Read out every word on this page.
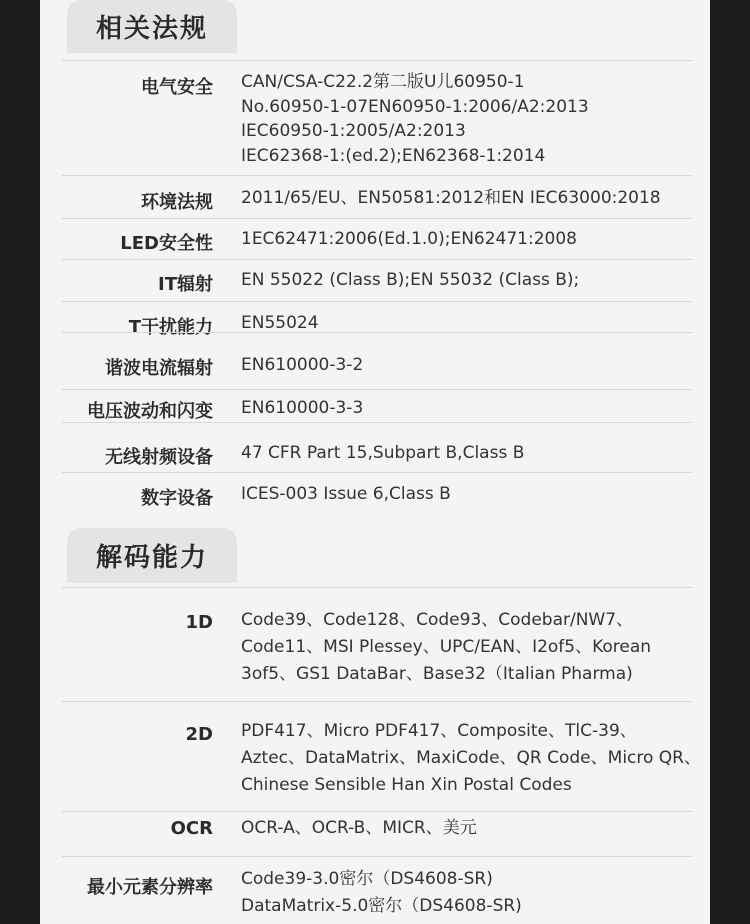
相关法规
电气安全 CAN/CSA-C22.2第二版U儿60950-1
No.60950-1-07EN60950-1:2006/A2:2013
IEC60950-1:2005/A2:2013
IEC62368-1:(ed.2);EN62368-1:2014
环境法规 2011/65/EU、EN50581:2012和EN IEC63000:2018
LED安全性 1EC62471:2006(Ed.1.0);EN62471:2008
IT辐射 EN 55022 (Class B);EN 55032 (Class B);
T干扰能力 EN55024
谐波电流辐射 EN610000-3-2
电压波动和闪变 EN610000-3-3
无线射频设备 47 CFR Part 15,Subpart B,Class B
数字设备 ICES-003 Issue 6,Class B
解码能力
1D Code39、Code128、Code93、Codebar/NW7、
Code11、MSI Plessey、UPC/EAN、I2of5、Korean
3of5、GS1 DataBar、Base32（Italian Pharma)
2D PDF417、Micro PDF417、Composite、TlC-39、
Aztec、DataMatrix、MaxiCode、QR Code、Micro QR、
Chinese Sensible Han Xin Postal Codes
OCR OCR-A、OCR-B、MICR、美元
最小元素分辨率 Code39-3.0密尔（DS4608-SR)
DataMatrix-5.0密尔（DS4608-SR)
